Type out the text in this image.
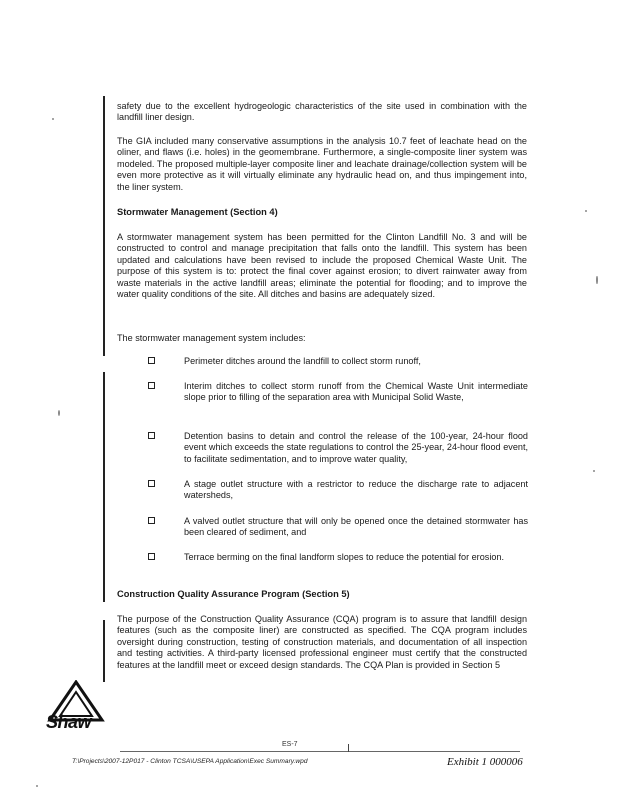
safety due to the excellent hydrogeologic characteristics of the site used in combination with the landfill liner design.

The GIA included many conservative assumptions in the analysis 10.7 feet of leachate head on the oliner, and flaws (i.e. holes) in the geomembrane. Furthermore, a single-composite liner system was modeled. The proposed multiple-layer composite liner and leachate drainage/collection system will be even more protective as it will virtually eliminate any hydraulic head on, and thus impingement into, the liner system.

Stormwater Management (Section 4)

A stormwater management system has been permitted for the Clinton Landfill No. 3 and will be constructed to control and manage precipitation that falls onto the landfill. This system has been updated and calculations have been revised to include the proposed Chemical Waste Unit. The purpose of this system is to: protect the final cover against erosion; to divert rainwater away from waste materials in the active landfill areas; eliminate the potential for flooding; and to improve the water quality conditions of the site. All ditches and basins are adequately sized.

The stormwater management system includes:

Perimeter ditches around the landfill to collect storm runoff,

Interim ditches to collect storm runoff from the Chemical Waste Unit intermediate slope prior to filling of the separation area with Municipal Solid Waste,

Detention basins to detain and control the release of the 100-year, 24-hour flood event which exceeds the state regulations to control the 25-year, 24-hour flood event, to facilitate sedimentation, and to improve water quality,

A stage outlet structure with a restrictor to reduce the discharge rate to adjacent watersheds,

A valved outlet structure that will only be opened once the detained stormwater has been cleared of sediment, and

Terrace berming on the final landform slopes to reduce the potential for erosion.

Construction Quality Assurance Program (Section 5)

The purpose of the Construction Quality Assurance (CQA) program is to assure that landfill design features (such as the composite liner) are constructed as specified. The CQA program includes oversight during construction, testing of construction materials, and documentation of all inspection and testing activities. A third-party licensed professional engineer must certify that the constructed features at the landfill meet or exceed design standards. The CQA Plan is provided in Section 5

Shaw
ES-7
T:\Projects\2007-12P017 - Clinton TCSA\USEPA Application\Exec Summary.wpd	Exhibit 1 000006
